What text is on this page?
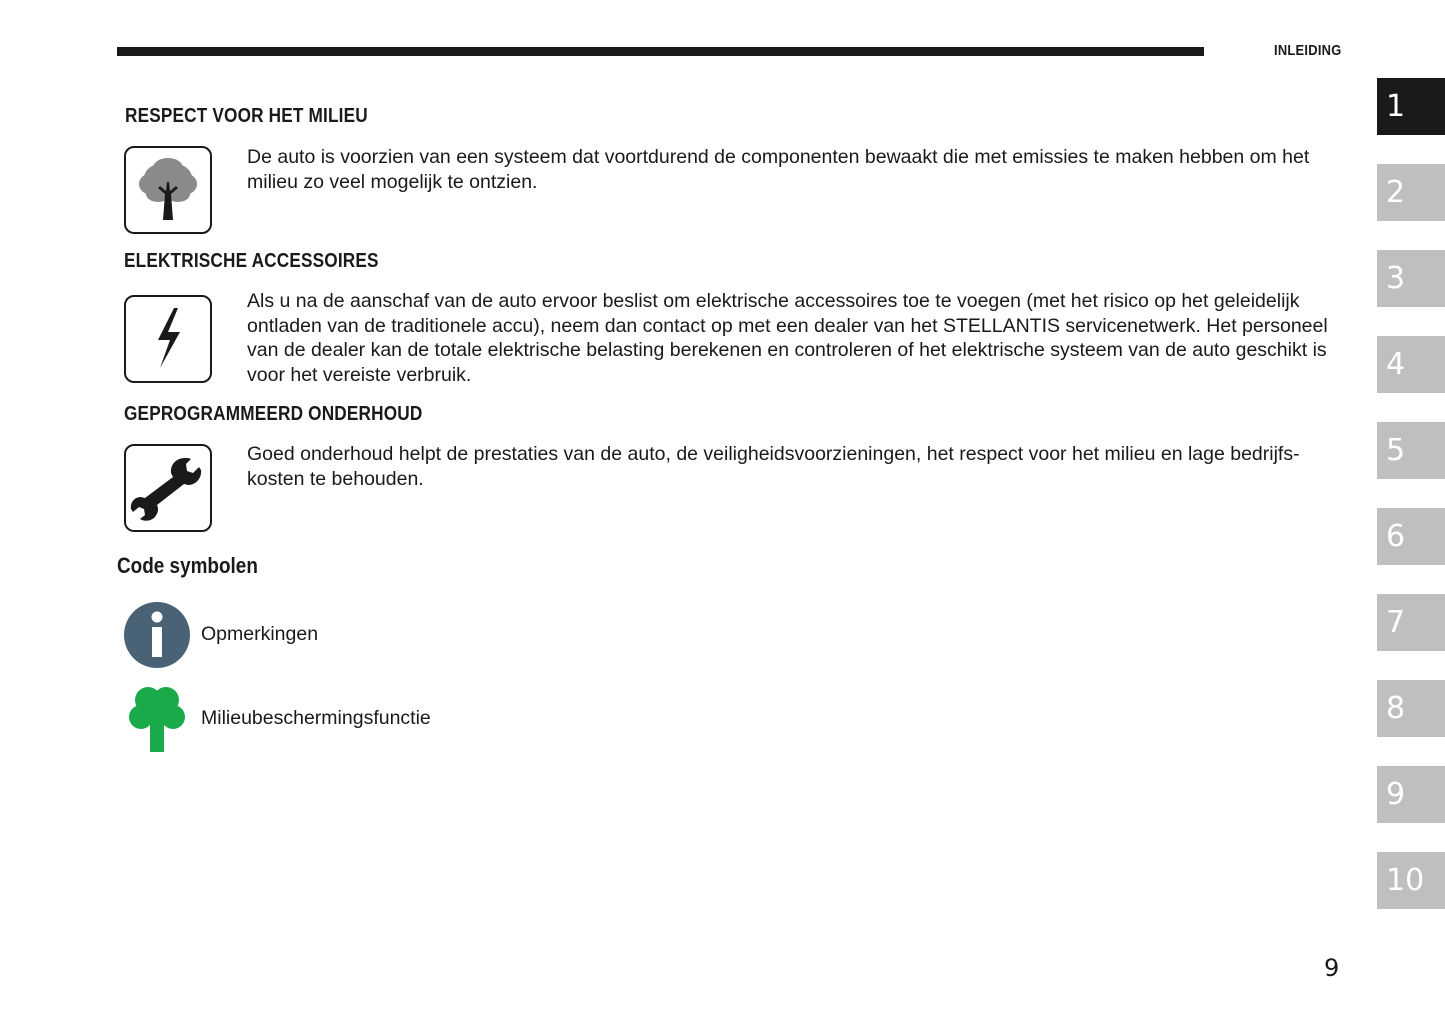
INLEIDING
RESPECT VOOR HET MILIEU
De auto is voorzien van een systeem dat voortdurend de componenten bewaakt die met emissies te maken hebben om het
milieu zo veel mogelijk te ontzien.
ELEKTRISCHE ACCESSOIRES
Als u na de aanschaf van de auto ervoor beslist om elektrische accessoires toe te voegen (met het risico op het geleidelijk
ontladen van de traditionele accu), neem dan contact op met een dealer van het STELLANTIS servicenetwerk. Het personeel
van de dealer kan de totale elektrische belasting berekenen en controleren of het elektrische systeem van de auto geschikt is
voor het vereiste verbruik.
GEPROGRAMMEERD ONDERHOUD
Goed onderhoud helpt de prestaties van de auto, de veiligheidsvoorzieningen, het respect voor het milieu en lage bedrijfs-
kosten te behouden.
Code symbolen
Opmerkingen
Milieubeschermingsfunctie
1
2
3
4
5
6
7
8
9
10
9
